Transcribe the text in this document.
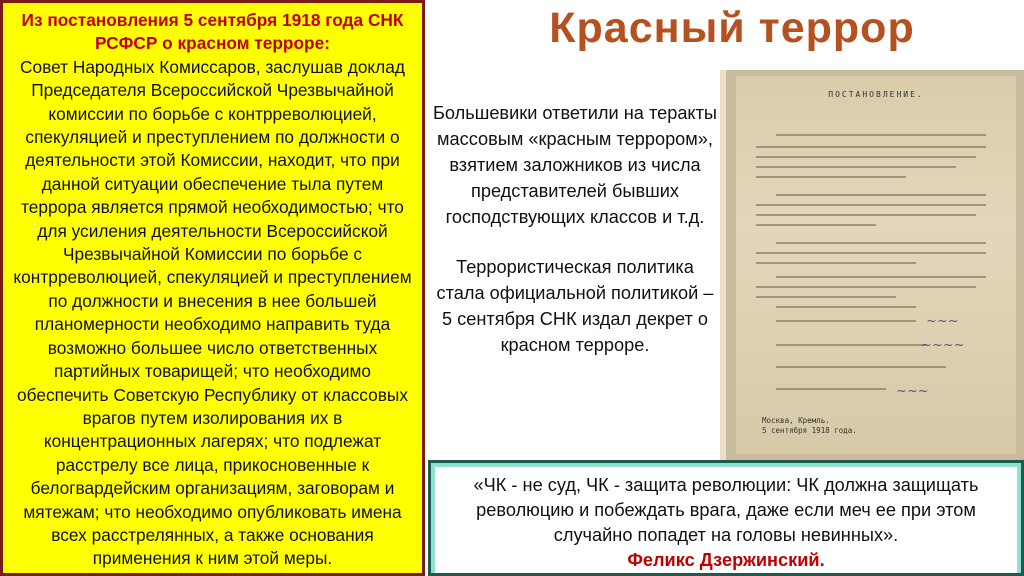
Из постановления 5 сентября 1918 года СНК РСФСР о красном терроре:
Совет Народных Комиссаров, заслушав доклад Председателя Всероссийской Чрезвычайной комиссии по борьбе с контрреволюцией, спекуляцией и преступлением по должности о деятельности этой Комиссии, находит, что при данной ситуации обеспечение тыла путем террора является прямой необходимостью; что для усиления деятельности Всероссийской Чрезвычайной Комиссии по борьбе с контрреволюцией, спекуляцией и преступлением по должности и внесения в нее большей планомерности необходимо направить туда возможно большее число ответственных партийных товарищей; что необходимо обеспечить Советскую Республику от классовых врагов путем изолирования их в концентрационных лагерях; что подлежат расстрелу все лица, прикосновенные к белогвардейским организациям, заговорам и мятежам; что необходимо опубликовать имена всех расстрелянных, а также основания применения к ним этой меры.
Красный террор

Большевики ответили на теракты массовым «красным террором», взятием заложников из числа представителей бывших господствующих классов и т.д.

Террористическая политика стала официальной политикой – 5 сентября СНК издал декрет о красном терроре.

ПОСТАНОВЛЕНИЕ.
~~~
~~~~
~~~
Москва, Кремль.
5 сентября 1918 года.
«ЧК - не суд, ЧК - защита революции: ЧК должна защищать революцию и побеждать врага, даже если меч ее при этом случайно попадет на головы невинных».
Феликс Дзержинский.
